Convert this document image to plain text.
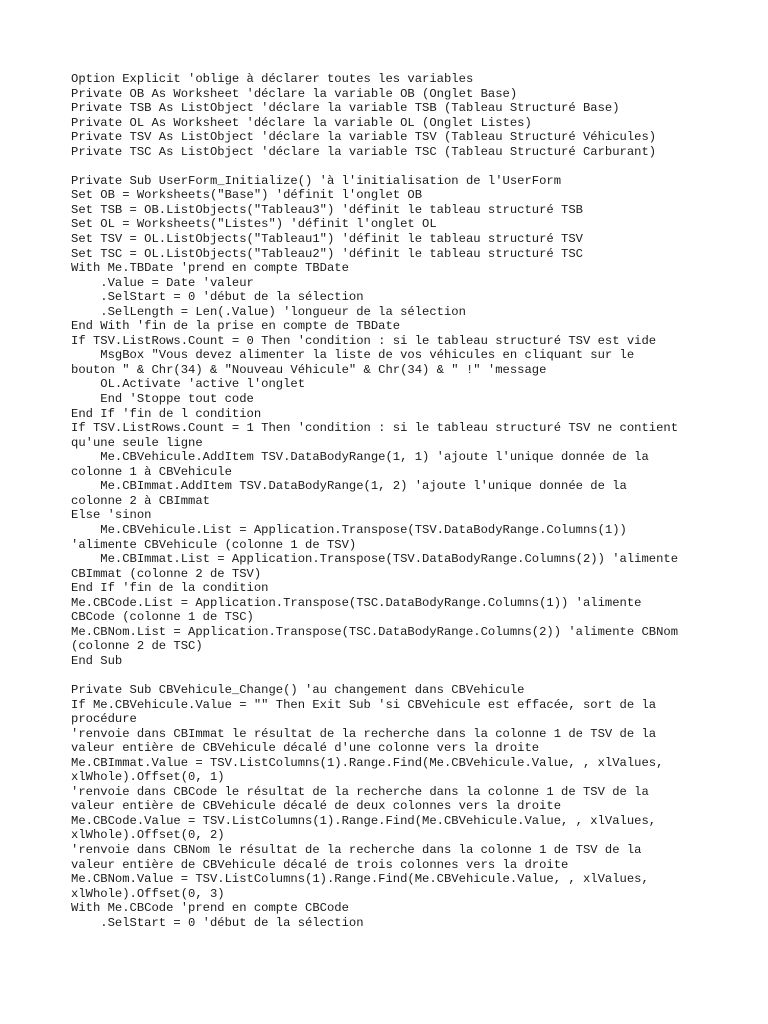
Option Explicit 'oblige à déclarer toutes les variables
Private OB As Worksheet 'déclare la variable OB (Onglet Base)
Private TSB As ListObject 'déclare la variable TSB (Tableau Structuré Base)
Private OL As Worksheet 'déclare la variable OL (Onglet Listes)
Private TSV As ListObject 'déclare la variable TSV (Tableau Structuré Véhicules)
Private TSC As ListObject 'déclare la variable TSC (Tableau Structuré Carburant)
Private Sub UserForm_Initialize() 'à l'initialisation de l'UserForm
Set OB = Worksheets("Base") 'définit l'onglet OB
Set TSB = OB.ListObjects("Tableau3") 'définit le tableau structuré TSB
Set OL = Worksheets("Listes") 'définit l'onglet OL
Set TSV = OL.ListObjects("Tableau1") 'définit le tableau structuré TSV
Set TSC = OL.ListObjects("Tableau2") 'définit le tableau structuré TSC
With Me.TBDate 'prend en compte TBDate
.Value = Date 'valeur
.SelStart = 0 'début de la sélection
.SelLength = Len(.Value) 'longueur de la sélection
End With 'fin de la prise en compte de TBDate
If TSV.ListRows.Count = 0 Then 'condition : si le tableau structuré TSV est vide
MsgBox "Vous devez alimenter la liste de vos véhicules en cliquant sur le
bouton " & Chr(34) & "Nouveau Véhicule" & Chr(34) & " !" 'message
OL.Activate 'active l'onglet
End 'Stoppe tout code
End If 'fin de l condition
If TSV.ListRows.Count = 1 Then 'condition : si le tableau structuré TSV ne contient
qu'une seule ligne
Me.CBVehicule.AddItem TSV.DataBodyRange(1, 1) 'ajoute l'unique donnée de la
colonne 1 à CBVehicule
Me.CBImmat.AddItem TSV.DataBodyRange(1, 2) 'ajoute l'unique donnée de la
colonne 2 à CBImmat
Else 'sinon
Me.CBVehicule.List = Application.Transpose(TSV.DataBodyRange.Columns(1))
'alimente CBVehicule (colonne 1 de TSV)
Me.CBImmat.List = Application.Transpose(TSV.DataBodyRange.Columns(2)) 'alimente
CBImmat (colonne 2 de TSV)
End If 'fin de la condition
Me.CBCode.List = Application.Transpose(TSC.DataBodyRange.Columns(1)) 'alimente
CBCode (colonne 1 de TSC)
Me.CBNom.List = Application.Transpose(TSC.DataBodyRange.Columns(2)) 'alimente CBNom
(colonne 2 de TSC)
End Sub
Private Sub CBVehicule_Change() 'au changement dans CBVehicule
If Me.CBVehicule.Value = "" Then Exit Sub 'si CBVehicule est effacée, sort de la
procédure
'renvoie dans CBImmat le résultat de la recherche dans la colonne 1 de TSV de la
valeur entière de CBVehicule décalé d'une colonne vers la droite
Me.CBImmat.Value = TSV.ListColumns(1).Range.Find(Me.CBVehicule.Value, , xlValues,
xlWhole).Offset(0, 1)
'renvoie dans CBCode le résultat de la recherche dans la colonne 1 de TSV de la
valeur entière de CBVehicule décalé de deux colonnes vers la droite
Me.CBCode.Value = TSV.ListColumns(1).Range.Find(Me.CBVehicule.Value, , xlValues,
xlWhole).Offset(0, 2)
'renvoie dans CBNom le résultat de la recherche dans la colonne 1 de TSV de la
valeur entière de CBVehicule décalé de trois colonnes vers la droite
Me.CBNom.Value = TSV.ListColumns(1).Range.Find(Me.CBVehicule.Value, , xlValues,
xlWhole).Offset(0, 3)
With Me.CBCode 'prend en compte CBCode
.SelStart = 0 'début de la sélection
